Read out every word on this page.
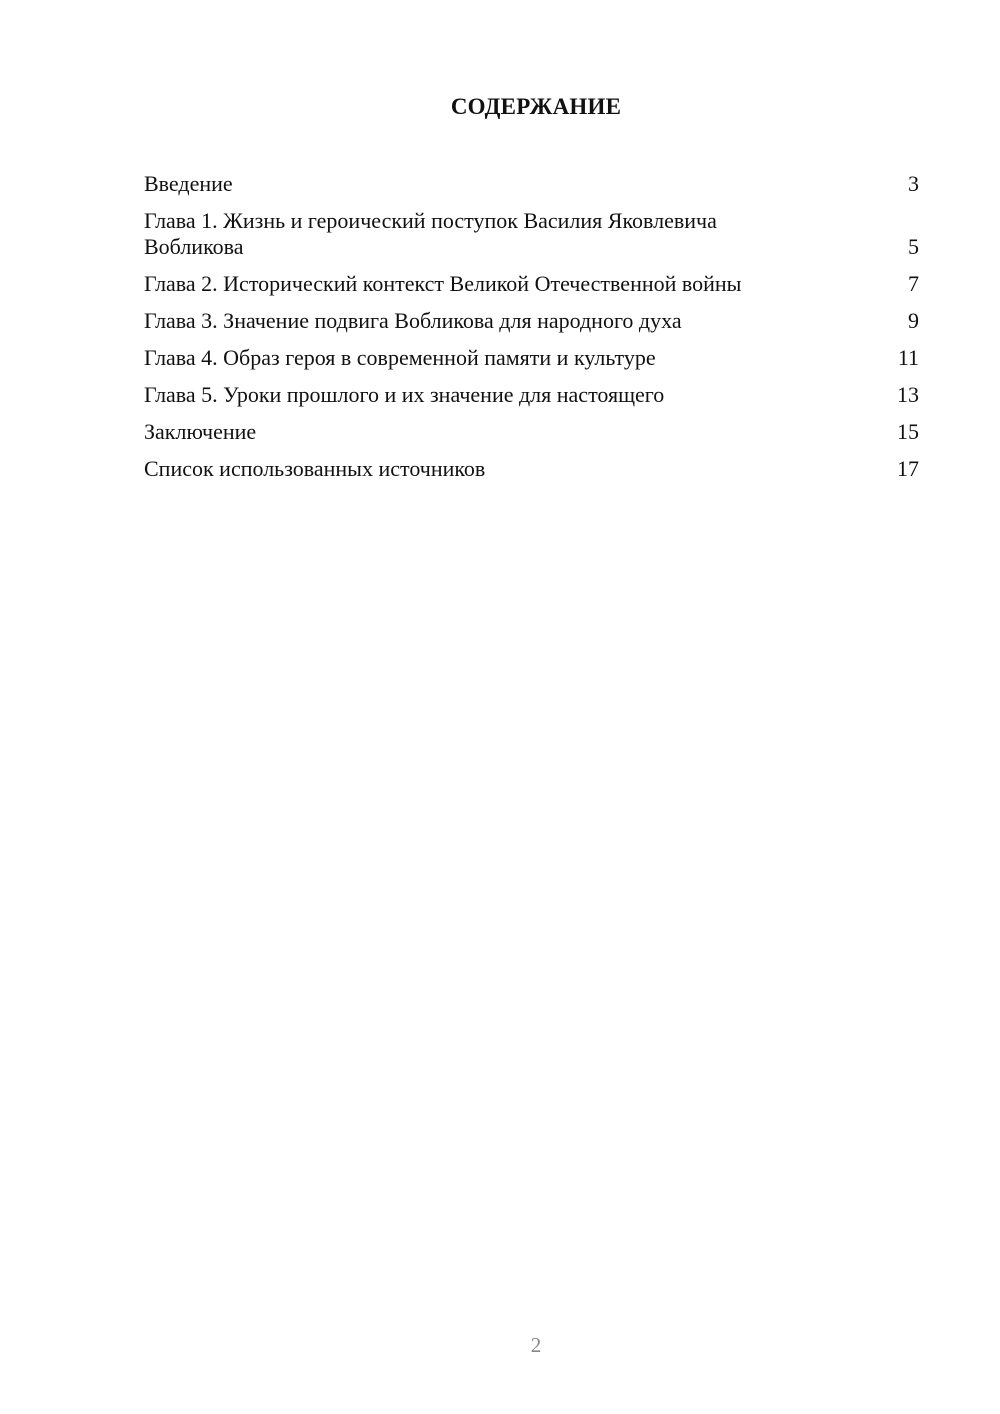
СОДЕРЖАНИЕ
Введение	3
Глава 1. Жизнь и героический поступок Василия Яковлевича Вобликова	5
Глава 2. Исторический контекст Великой Отечественной войны	7
Глава 3. Значение подвига Вобликова для народного духа	9
Глава 4. Образ героя в современной памяти и культуре	11
Глава 5. Уроки прошлого и их значение для настоящего	13
Заключение	15
Список использованных источников	17
2
